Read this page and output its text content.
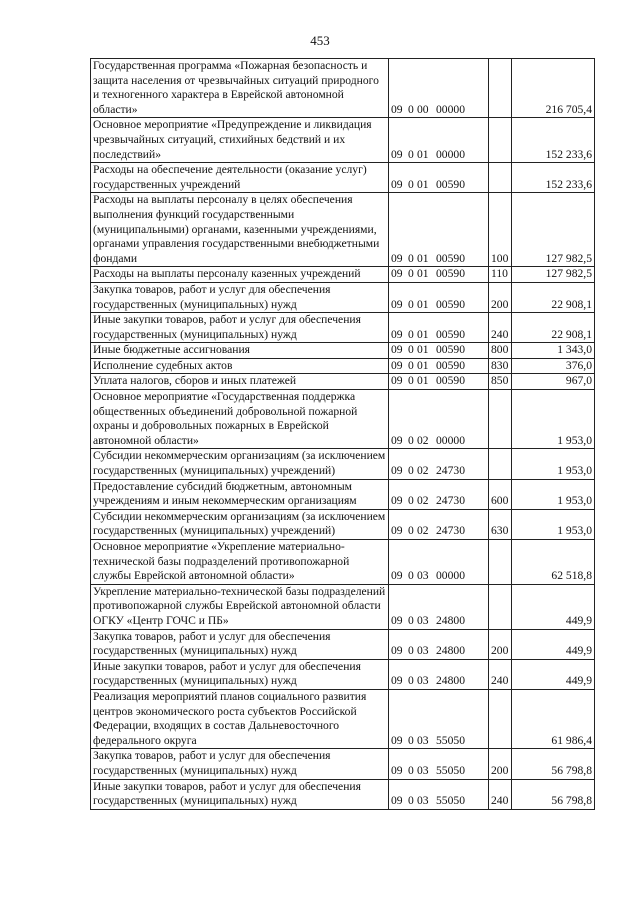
453
Государственная программа «Пожарная безопасность и защита населения от чрезвычайных ситуаций природного и техногенного характера в Еврейской автономной области»	09 0 00 00000		216 705,4
Основное мероприятие «Предупреждение и ликвидация чрезвычайных ситуаций, стихийных бедствий и их последствий»	09 0 01 00000		152 233,6
Расходы на обеспечение деятельности (оказание услуг) государственных учреждений	09 0 01 00590		152 233,6
Расходы на выплаты персоналу в целях обеспечения выполнения функций государственными (муниципальными) органами, казенными учреждениями, органами управления государственными внебюджетными фондами	09 0 01 00590	100	127 982,5
Расходы на выплаты персоналу казенных учреждений	09 0 01 00590	110	127 982,5
Закупка товаров, работ и услуг для обеспечения государственных (муниципальных) нужд	09 0 01 00590	200	22 908,1
Иные закупки товаров, работ и услуг для обеспечения государственных (муниципальных) нужд	09 0 01 00590	240	22 908,1
Иные бюджетные ассигнования	09 0 01 00590	800	1 343,0
Исполнение судебных актов	09 0 01 00590	830	376,0
Уплата налогов, сборов и иных платежей	09 0 01 00590	850	967,0
Основное мероприятие «Государственная поддержка общественных объединений добровольной пожарной охраны и добровольных пожарных в Еврейской автономной области»	09 0 02 00000		1 953,0
Субсидии некоммерческим организациям (за исключением государственных (муниципальных) учреждений)	09 0 02 24730		1 953,0
Предоставление субсидий бюджетным, автономным учреждениям и иным некоммерческим организациям	09 0 02 24730	600	1 953,0
Субсидии некоммерческим организациям (за исключением государственных (муниципальных) учреждений)	09 0 02 24730	630	1 953,0
Основное мероприятие «Укрепление материально-технической базы подразделений противопожарной службы Еврейской автономной области»	09 0 03 00000		62 518,8
Укрепление материально-технической базы подразделений противопожарной службы Еврейской автономной области ОГКУ «Центр ГОЧС и ПБ»	09 0 03 24800		449,9
Закупка товаров, работ и услуг для обеспечения государственных (муниципальных) нужд	09 0 03 24800	200	449,9
Иные закупки товаров, работ и услуг для обеспечения государственных (муниципальных) нужд	09 0 03 24800	240	449,9
Реализация мероприятий планов социального развития центров экономического роста субъектов Российской Федерации, входящих в состав Дальневосточного федерального округа	09 0 03 55050		61 986,4
Закупка товаров, работ и услуг для обеспечения государственных (муниципальных) нужд	09 0 03 55050	200	56 798,8
Иные закупки товаров, работ и услуг для обеспечения государственных (муниципальных) нужд	09 0 03 55050	240	56 798,8
